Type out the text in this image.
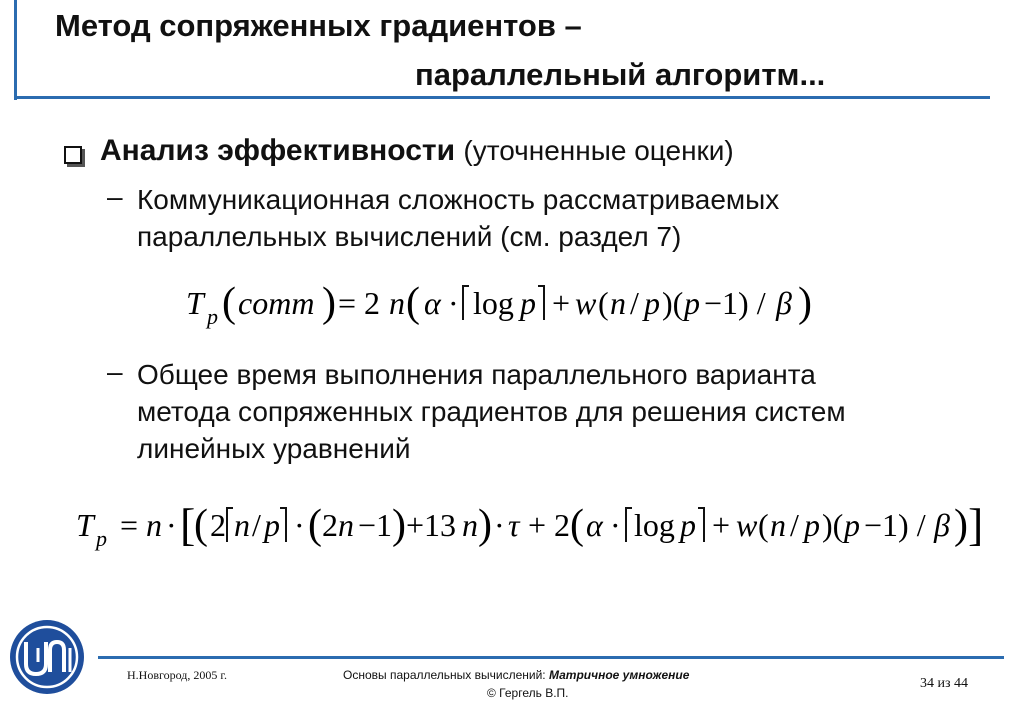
Метод сопряженных градиентов –
параллельный алгоритм...
Анализ эффективности (уточненные оценки)
– Коммуникационная сложность рассматриваемых
параллельных вычислений (см. раздел 7)
T p ( comm ) = 2 n ( α · log p + w ( n / p )( p −1) / β )
– Общее время выполнения параллельного варианта
метода сопряженных градиентов для решения систем
линейных уравнений
T p = n · [
( 2 n / p · ( 2 n −1 ) +13 n ) · τ + 2 ( α · log p + w ( n / p )( p −1) / β ) ]
Н.Новгород, 2005 г.	Основы параллельных вычислений: Матричное умножение
© Гергель В.П.
34 из 44
